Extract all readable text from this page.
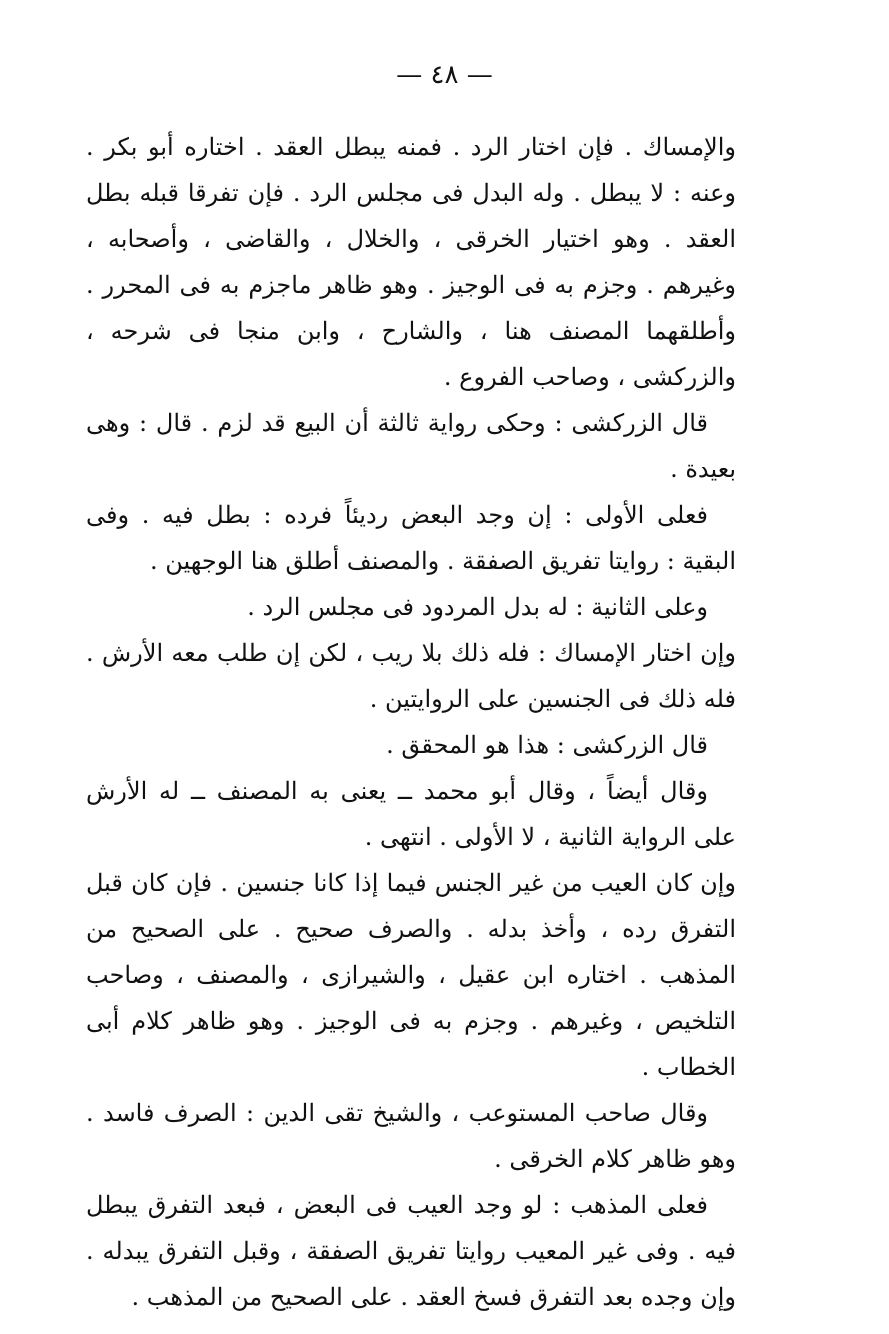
— ٤٨ —

والإمساك . فإن اختار الرد . فمنه يبطل العقد . اختاره أبو بكر . وعنه : لا يبطل . وله البدل فى مجلس الرد . فإن تفرقا قبله بطل العقد . وهو اختيار الخرقى ، والخلال ، والقاضى ، وأصحابه ، وغيرهم . وجزم به فى الوجيز . وهو ظاهر ماجزم به فى المحرر . وأطلقهما المصنف هنا ، والشارح ، وابن منجا فى شرحه ، والزركشى ، وصاحب الفروع .

قال الزركشى : وحكى رواية ثالثة أن البيع قد لزم . قال : وهى بعيدة .

فعلى الأولى : إن وجد البعض رديئاً فرده : بطل فيه . وفى البقية : روايتا تفريق الصفقة . والمصنف أطلق هنا الوجهين .

وعلى الثانية : له بدل المردود فى مجلس الرد .

وإن اختار الإمساك : فله ذلك بلا ريب ، لكن إن طلب معه الأرش . فله ذلك فى الجنسين على الروايتين .

قال الزركشى : هذا هو المحقق .

وقال أيضاً ، وقال أبو محمد ــ يعنى به المصنف ــ له الأرش على الرواية الثانية ، لا الأولى . انتهى .

وإن كان العيب من غير الجنس فيما إذا كانا جنسين . فإن كان قبل التفرق رده ، وأخذ بدله . والصرف صحيح . على الصحيح من المذهب . اختاره ابن عقيل ، والشيرازى ، والمصنف ، وصاحب التلخيص ، وغيرهم . وجزم به فى الوجيز . وهو ظاهر كلام أبى الخطاب .

وقال صاحب المستوعب ، والشيخ تقى الدين : الصرف فاسد . وهو ظاهر كلام الخرقى .

فعلى المذهب : لو وجد العيب فى البعض ، فبعد التفرق يبطل فيه . وفى غير المعيب روايتا تفريق الصفقة ، وقبل التفرق يبدله . وإن وجده بعد التفرق فسخ العقد . على الصحيح من المذهب .
